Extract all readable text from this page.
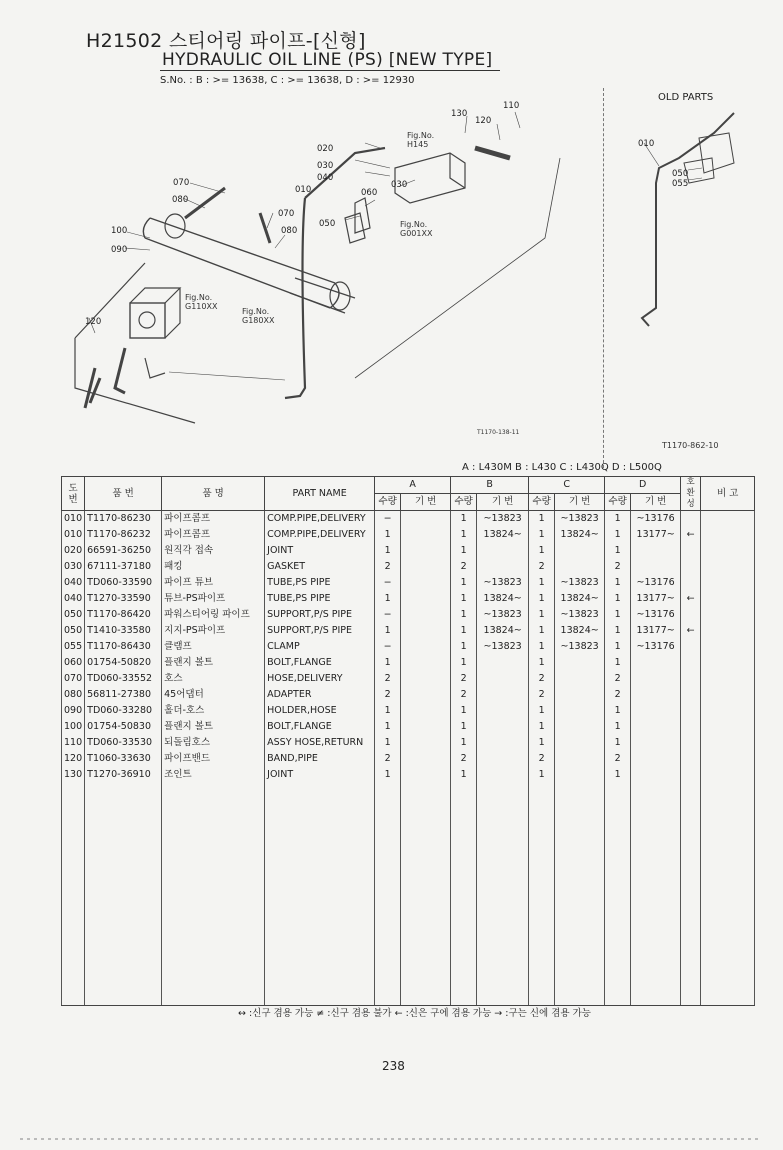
H21502 스티어링 파이프-[신형]
HYDRAULIC OIL LINE (PS) [NEW TYPE]
S.No. : B : >= 13638, C : >= 13638, D : >= 12930
130
110
120
020
030
040
010	060
030
070
080
070
080
100
090
120
050
Fig.No.
H145
Fig.No.
G001XX
Fig.No.
G110XX
Fig.No.
G180XX
T1170-138-11
OLD PARTS
010
050
055
T1170-862-10
A : L430M B : L430 C : L430Q D : L500Q
도번	품 번	품 명	PART NAME	A		B		C		D		호환성	비 고
				수량	기 번	수량	기 번	수량	기 번	수량	기 번		
010	T1170-86230	파이프콤프	COMP.PIPE,DELIVERY	−		1	~13823	1	~13823	1	~13176		
010	T1170-86232	파이프콤프	COMP.PIPE,DELIVERY	1		1	13824~	1	13824~	1	13177~	←	
020	66591-36250	원직각 접속	JOINT	1		1		1		1			
030	67111-37180	패킹	GASKET	2		2		2		2			
040	TD060-33590	파이프 튜브	TUBE,PS PIPE	−		1	~13823	1	~13823	1	~13176		
040	T1270-33590	튜브-PS파이프	TUBE,PS PIPE	1		1	13824~	1	13824~	1	13177~	←	
050	T1170-86420	파워스티어링 파이프	SUPPORT,P/S PIPE	−		1	~13823	1	~13823	1	~13176		
050	T1410-33580	지지-PS파이프	SUPPORT,P/S PIPE	1		1	13824~	1	13824~	1	13177~	←	
055	T1170-86430	클램프	CLAMP	−		1	~13823	1	~13823	1	~13176		
060	01754-50820	플랜지 볼트	BOLT,FLANGE	1		1		1		1			
070	TD060-33552	호스	HOSE,DELIVERY	2		2		2		2			
080	56811-27380	45어댑터	ADAPTER	2		2		2		2			
090	TD060-33280	홀더-호스	HOLDER,HOSE	1		1		1		1			
100	01754-50830	플랜지 볼트	BOLT,FLANGE	1		1		1		1			
110	TD060-33530	되돌림호스	ASSY HOSE,RETURN	1		1		1		1			
120	T1060-33630	파이프밴드	BAND,PIPE	2		2		2		2			
130	T1270-36910	조인트	JOINT	1		1		1		1			

↔ :신구 겸용 가능 ≠ :신구 겸용 불가 ← :신은 구에 겸용 가능 → :구는 신에 겸용 가능
238
